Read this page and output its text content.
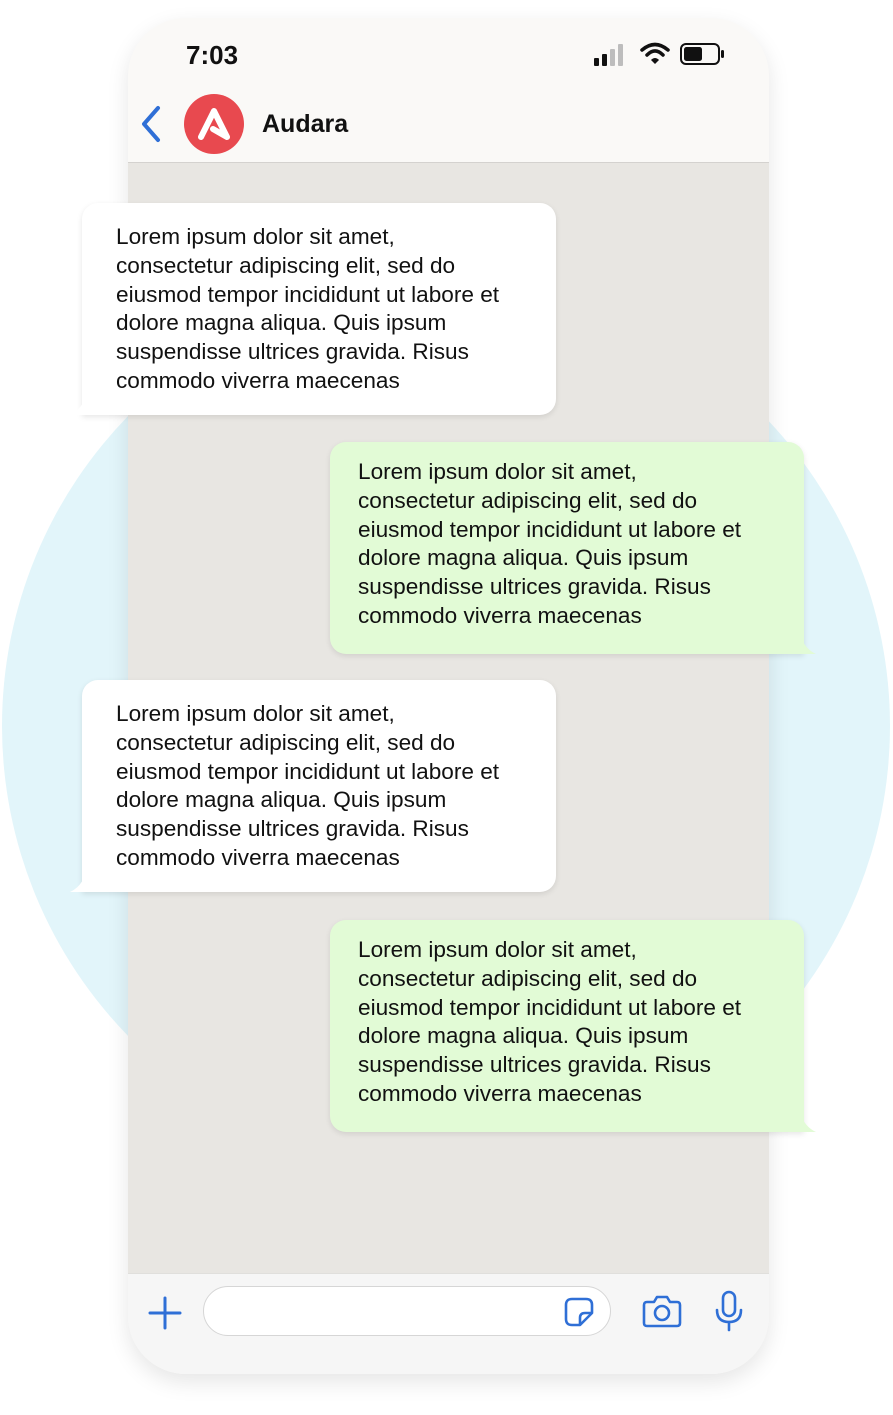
7:03
Audara
Lorem ipsum dolor sit amet,
consectetur adipiscing elit, sed do
eiusmod tempor incididunt ut labore et
dolore magna aliqua. Quis ipsum
suspendisse ultrices gravida. Risus
commodo viverra maecenas
Lorem ipsum dolor sit amet,
consectetur adipiscing elit, sed do
eiusmod tempor incididunt ut labore et
dolore magna aliqua. Quis ipsum
suspendisse ultrices gravida. Risus
commodo viverra maecenas
Lorem ipsum dolor sit amet,
consectetur adipiscing elit, sed do
eiusmod tempor incididunt ut labore et
dolore magna aliqua. Quis ipsum
suspendisse ultrices gravida. Risus
commodo viverra maecenas
Lorem ipsum dolor sit amet,
consectetur adipiscing elit, sed do
eiusmod tempor incididunt ut labore et
dolore magna aliqua. Quis ipsum
suspendisse ultrices gravida. Risus
commodo viverra maecenas
